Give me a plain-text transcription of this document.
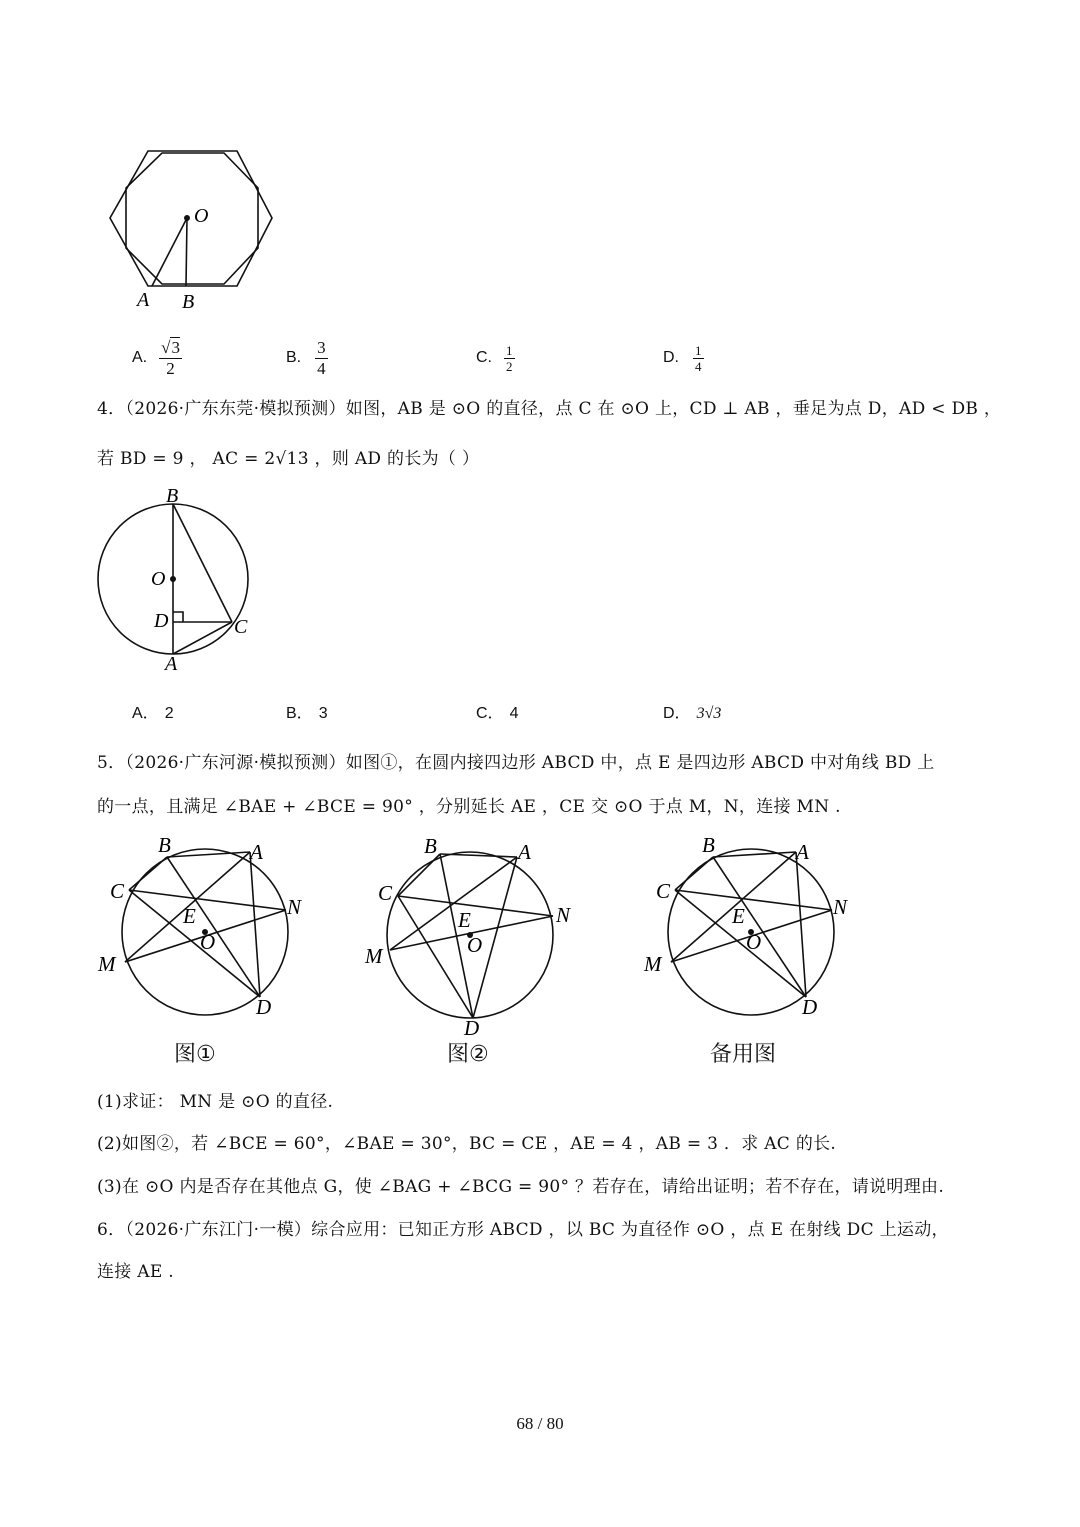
O
A B
A. $\frac{√3}{2}$	B. $\frac{3}{4}$	C. $\frac{1}{2}$	D. $\frac{1}{4}$
4．（2026·广东东莞·模拟预测）如图，AB 是 ⊙O 的直径，点 C 在 ⊙O 上，CD ⊥ AB ，垂足为点 D，AD < DB ，
若 BD = 9 ， AC = 2√13 ，则 AD 的长为（ ）
B
O
D	C
A
A． 2	B． 3	C． 4	D． 3√3
5．（2026·广东河源·模拟预测）如图①，在圆内接四边形 ABCD 中，点 E 是四边形 ABCD 中对角线 BD 上
的一点，且满足 ∠BAE + ∠BCE = 90° ，分别延长 AE ，CE 交 ⊙O 于点 M，N，连接 MN .
B	A
C
N
E
O
M
D
图①
B	A
C
N
E
O
M
D
图②
B	A
C
N
E
O
M
D
备用图
(1)求证： MN 是 ⊙O 的直径.
(2)如图②，若 ∠BCE = 60°，∠BAE = 30°，BC = CE ，AE = 4 ，AB = 3 ．求 AC 的长.
(3)在 ⊙O 内是否存在其他点 G，使 ∠BAG + ∠BCG = 90° ？若存在，请给出证明；若不存在，请说明理由.
6．（2026·广东江门·一模）综合应用：已知正方形 ABCD ，以 BC 为直径作 ⊙O ，点 E 在射线 DC 上运动，
连接 AE .
68 / 80
